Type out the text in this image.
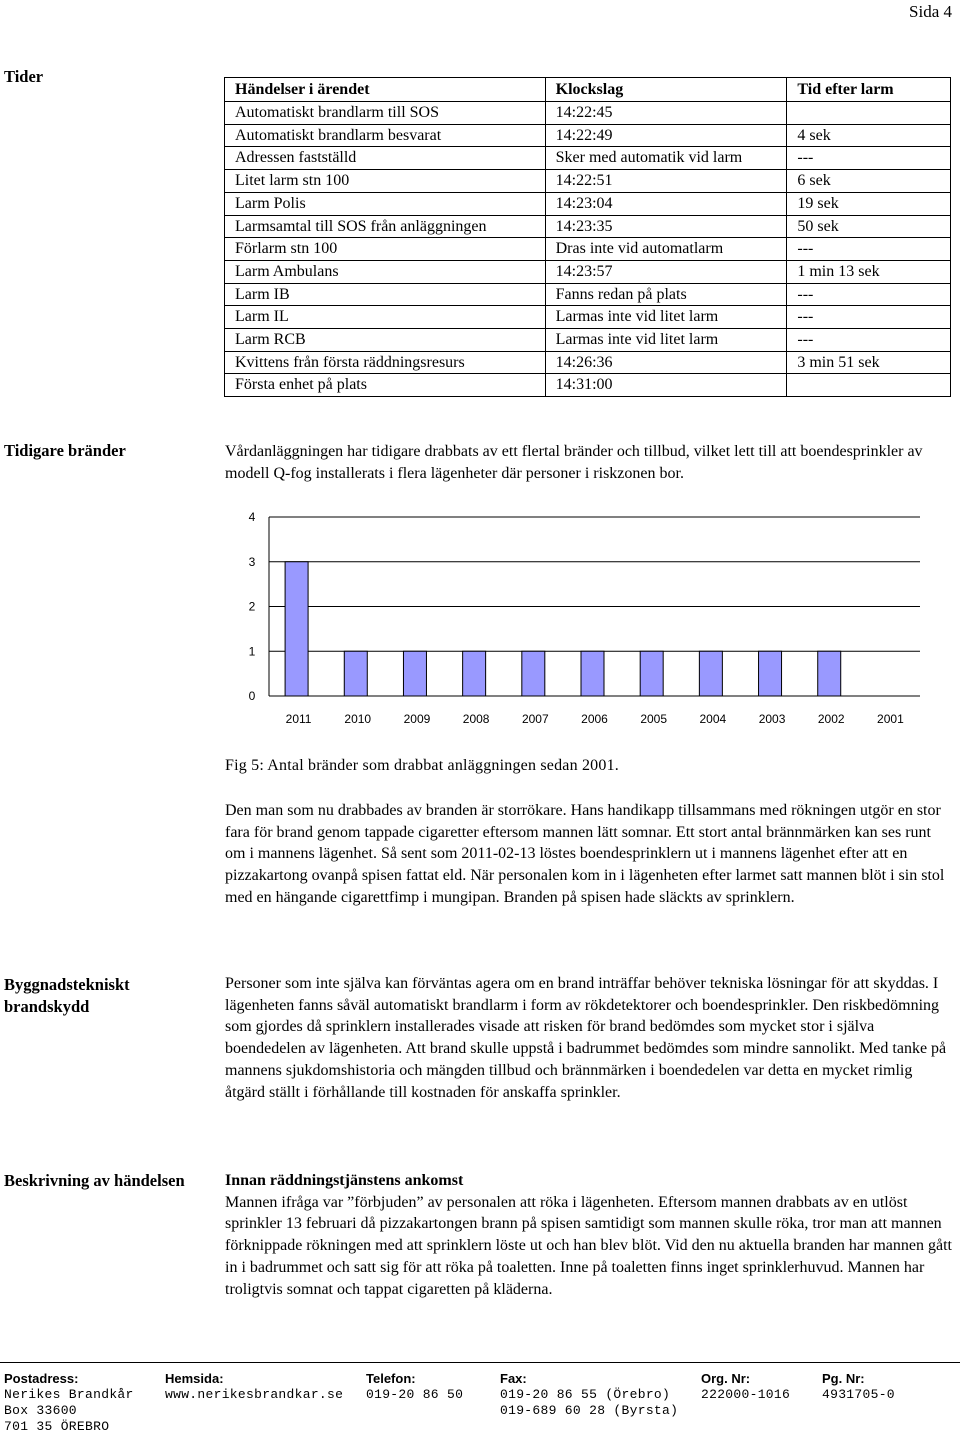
Sida 4
Tider
Händelser i ärendet	Klockslag	Tid efter larm
Automatiskt brandlarm till SOS	14:22:45	
Automatiskt brandlarm besvarat	14:22:49	4 sek
Adressen fastställd	Sker med automatik vid larm	---
Litet larm stn 100	14:22:51	6 sek
Larm Polis	14:23:04	19 sek
Larmsamtal till SOS från anläggningen	14:23:35	50 sek
Förlarm stn 100	Dras inte vid automatlarm	---
Larm Ambulans	14:23:57	1 min 13 sek
Larm IB	Fanns redan på plats	---
Larm IL	Larmas inte vid litet larm	---
Larm RCB	Larmas inte vid litet larm	---
Kvittens från första räddningsresurs	14:26:36	3 min 51 sek
Första enhet på plats	14:31:00	
Tidigare bränder	Vårdanläggningen har tidigare drabbats av ett flertal bränder och tillbud, vilket lett till att boendesprinkler av modell Q-fog installerats i flera lägenheter där personer i riskzonen bor.

0
1
2
3
4
2011	2010	2009	2008	2007	2006	2005	2004	2003	2002	2001
Fig 5: Antal bränder som drabbat anläggningen sedan 2001.

Den man som nu drabbades av branden är storrökare. Hans handikapp tillsammans med rökningen utgör en stor fara för brand genom tappade cigaretter eftersom mannen lätt somnar. Ett stort antal brännmärken kan ses runt om i mannens lägenhet. Så sent som 2011-02-13 löstes boendesprinklern ut i mannens lägenhet efter att en pizzakartong ovanpå spisen fattat eld. När personalen kom in i lägenheten efter larmet satt mannen blöt i sin stol med en hängande cigarettfimp i mungipan. Branden på spisen hade släckts av sprinklern.

Byggnadstekniskt
brandskydd

Personer som inte själva kan förväntas agera om en brand inträffar behöver tekniska lösningar för att skyddas. I lägenheten fanns såväl automatiskt brandlarm i form av rökdetektorer och boendesprinkler. Den riskbedömning som gjordes då sprinklern installerades visade att risken för brand bedömdes som mycket stor i själva boendedelen av lägenheten. Att brand skulle uppstå i badrummet bedömdes som mindre sannolikt. Med tanke på mannens sjukdomshistoria och mängden tillbud och brännmärken i boendedelen var detta en mycket rimlig åtgärd ställt i förhållande till kostnaden för anskaffa sprinkler.

Beskrivning av händelsen	Innan räddningstjänstens ankomst

Mannen ifråga var ”förbjuden” av personalen att röka i lägenheten. Eftersom mannen drabbats av en utlöst sprinkler 13 februari då pizzakartongen brann på spisen samtidigt som mannen skulle röka, tror man att mannen förknippade rökningen med att sprinklern löste ut och han blev blöt. Vid den nu aktuella branden har mannen gått in i badrummet och satt sig för att röka på toaletten. Inne på toaletten finns inget sprinklerhuvud. Mannen har troligtvis somnat och tappat cigaretten på kläderna.

Postadress:
Nerikes Brandkår
Box 33600
701 35 ÖREBRO
Hemsida:
www.nerikesbrandkar.se
Telefon:
019-20 86 50
Fax:
019-20 86 55 (Örebro)
019-689 60 28 (Byrsta)
Org. Nr:
222000-1016
Pg. Nr:
4931705-0
